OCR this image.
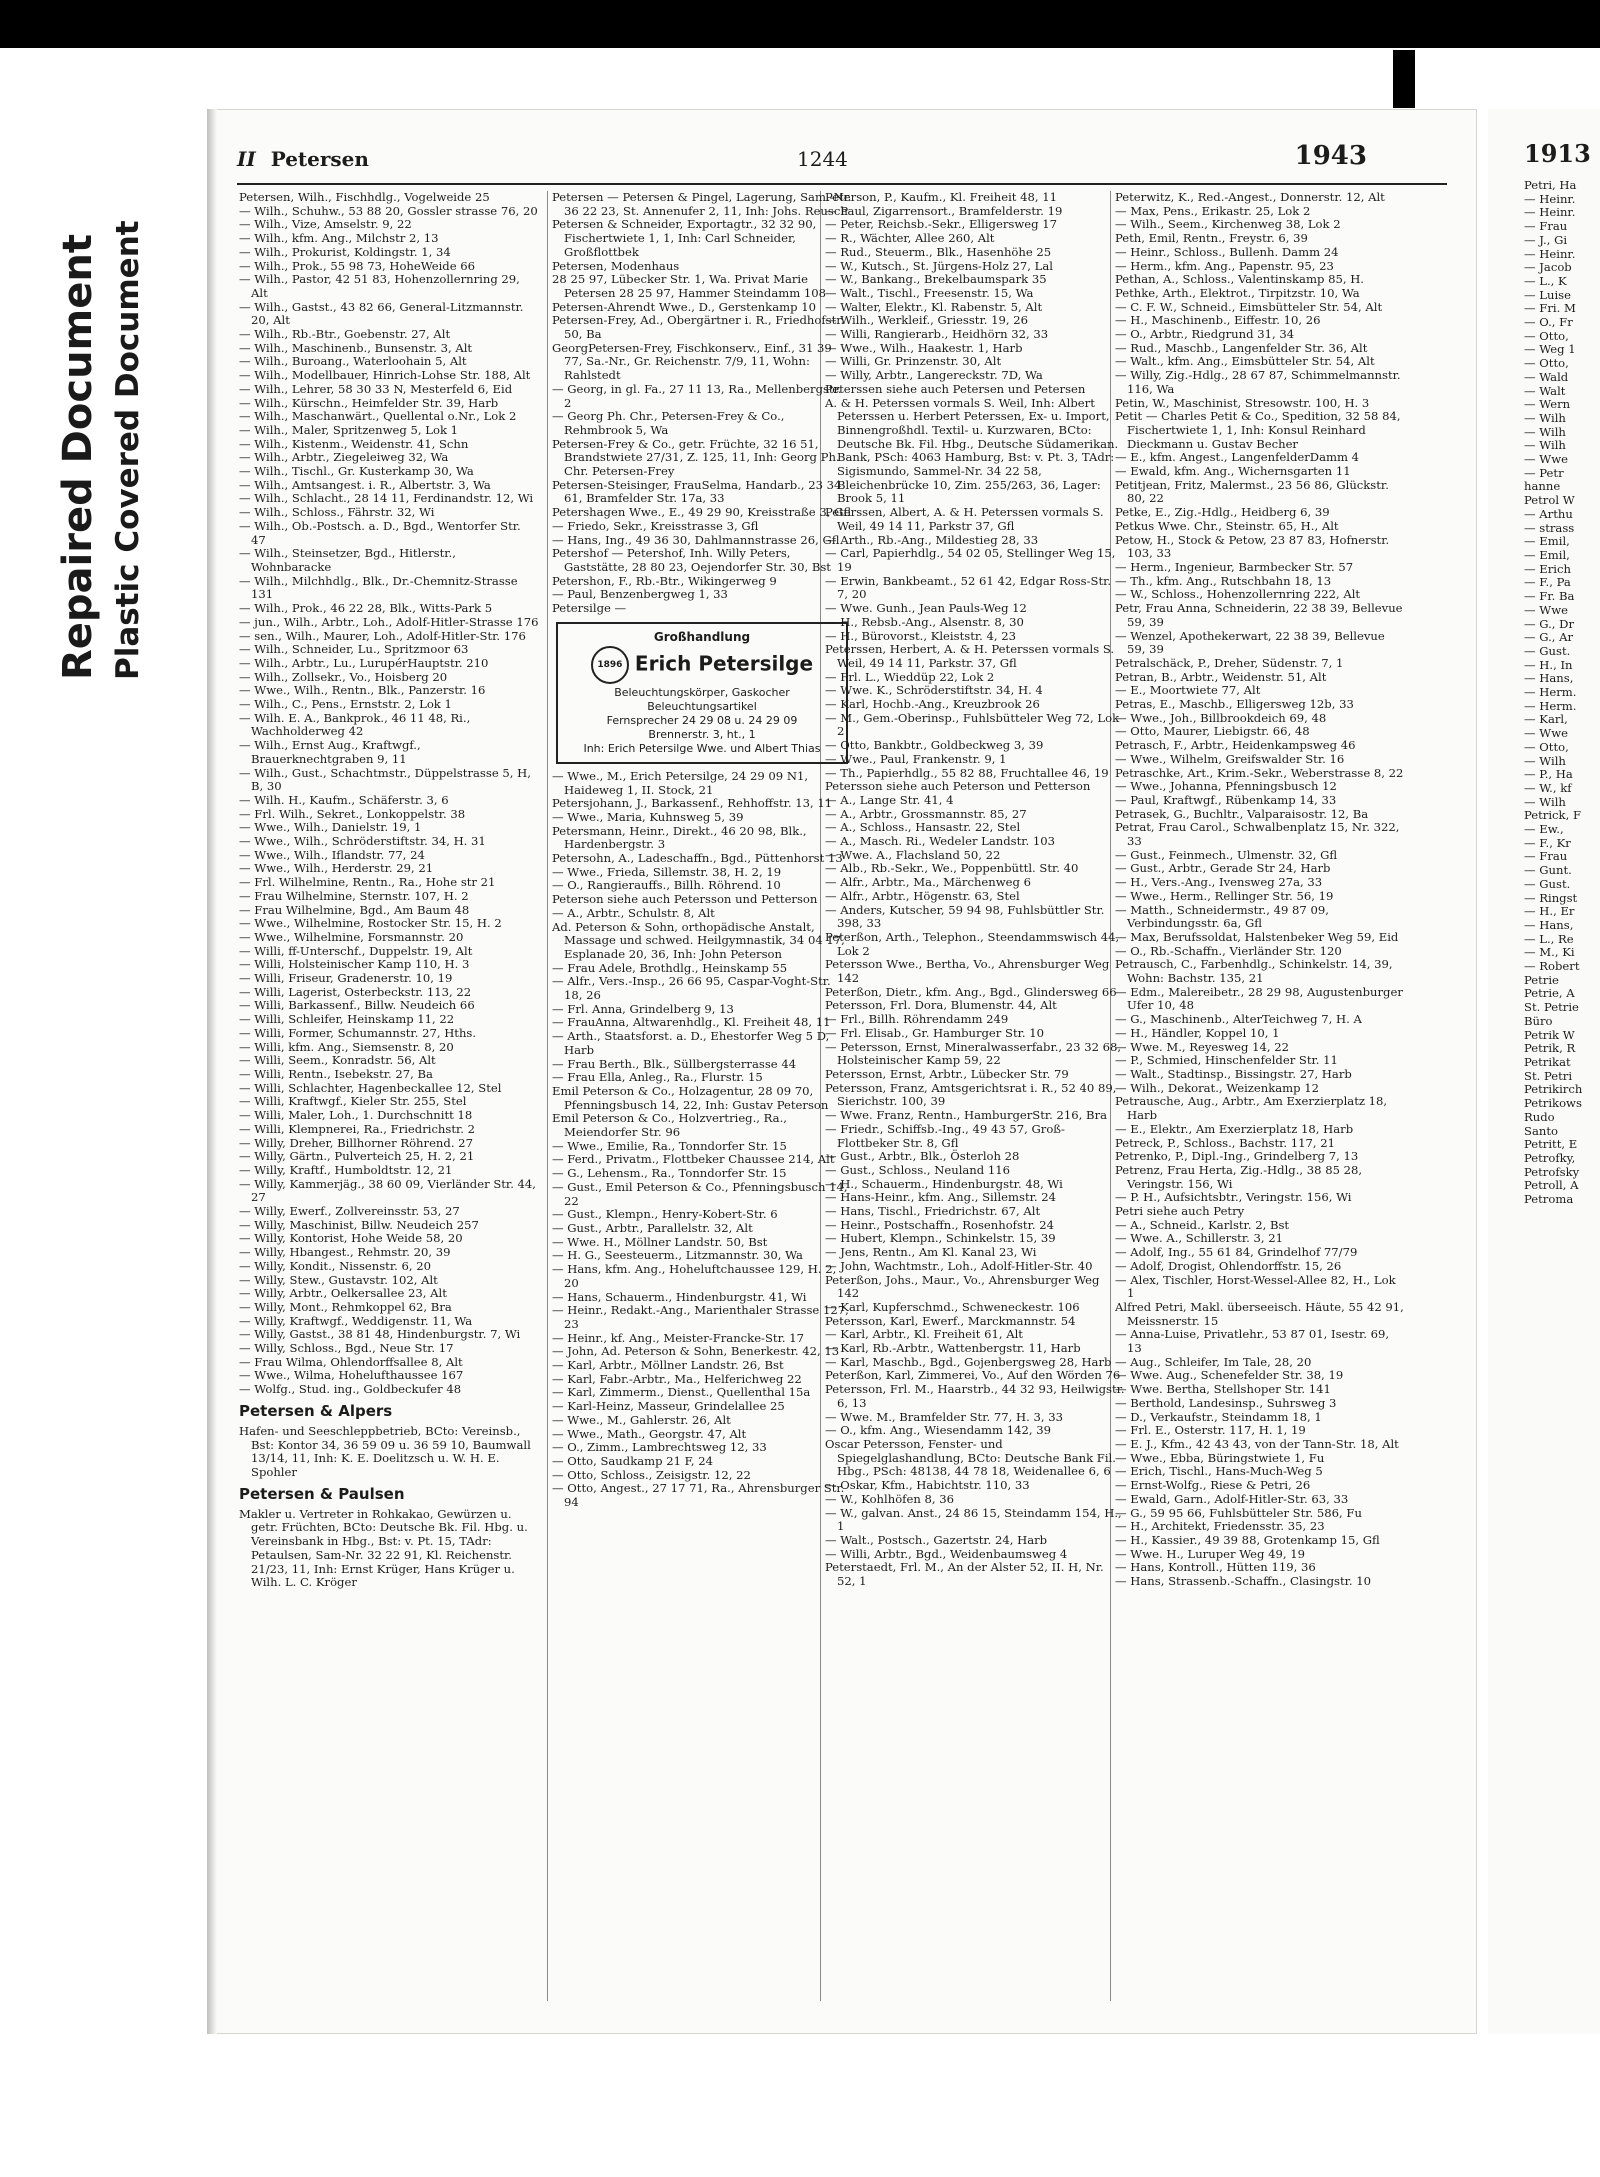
Repaired Document Plastic Covered Document
II Petersen	1244	1943

Petersen, Wilh., Fischhdlg., Vogelweide 25

— Wilh., Schuhw., 53 88 20, Gossler strasse 76, 20

— Wilh., Vize, Amselstr. 9, 22

— Wilh., kfm. Ang., Milchstr 2, 13

— Wilh., Prokurist, Koldingstr. 1, 34

— Wilh., Prok., 55 98 73, HoheWeide 66

— Wilh., Pastor, 42 51 83, Hohenzollernring 29, Alt

— Wilh., Gastst., 43 82 66, General-Litzmannstr. 20, Alt

— Wilh., Rb.-Btr., Goebenstr. 27, Alt

— Wilh., Maschinenb., Bunsenstr. 3, Alt

— Wilh., Buroang., Waterloohain 5, Alt

— Wilh., Modellbauer, Hinrich-Lohse Str. 188, Alt

— Wilh., Lehrer, 58 30 33 N, Mesterfeld 6, Eid

— Wilh., Kürschn., Heimfelder Str. 39, Harb

— Wilh., Maschanwärt., Quellental o.Nr., Lok 2

— Wilh., Maler, Spritzenweg 5, Lok 1

— Wilh., Kistenm., Weidenstr. 41, Schn

— Wilh., Arbtr., Ziegeleiweg 32, Wa

— Wilh., Tischl., Gr. Kusterkamp 30, Wa

— Wilh., Amtsangest. i. R., Albertstr. 3, Wa

— Wilh., Schlacht., 28 14 11, Ferdinandstr. 12, Wi

— Wilh., Schloss., Fährstr. 32, Wi

— Wilh., Ob.-Postsch. a. D., Bgd., Wentorfer Str. 47

— Wilh., Steinsetzer, Bgd., Hitlerstr., Wohnbaracke

— Wilh., Milchhdlg., Blk., Dr.-Chemnitz-Strasse 131

— Wilh., Prok., 46 22 28, Blk., Witts-Park 5

— jun., Wilh., Arbtr., Loh., Adolf-Hitler-Strasse 176

— sen., Wilh., Maurer, Loh., Adolf-Hitler-Str. 176

— Wilh., Schneider, Lu., Spritzmoor 63

— Wilh., Arbtr., Lu., LurupérHauptstr. 210

— Wilh., Zollsekr., Vo., Hoisberg 20

— Wwe., Wilh., Rentn., Blk., Panzerstr. 16

— Wilh., C., Pens., Ernststr. 2, Lok 1

— Wilh. E. A., Bankprok., 46 11 48, Ri., Wachholderweg 42

— Wilh., Ernst Aug., Kraftwgf., Brauerknechtgraben 9, 11

— Wilh., Gust., Schachtmstr., Düppelstrasse 5, H, B, 30

— Wilh. H., Kaufm., Schäferstr. 3, 6

— Frl. Wilh., Sekret., Lonkoppelstr. 38

— Wwe., Wilh., Danielstr. 19, 1

— Wwe., Wilh., Schröderstiftstr. 34, H. 31

— Wwe., Wilh., Iflandstr. 77, 24

— Wwe., Wilh., Herderstr. 29, 21

— Frl. Wilhelmine, Rentn., Ra., Hohe str 21

— Frau Wilhelmine, Sternstr. 107, H. 2

— Frau Wilhelmine, Bgd., Am Baum 48

— Wwe., Wilhelmine, Rostocker Str. 15, H. 2

— Wwe., Wilhelmine, Forsmannstr. 20

— Willi, ff-Unterschf., Duppelstr. 19, Alt

— Willi, Holsteinischer Kamp 110, H. 3

— Willi, Friseur, Gradenerstr. 10, 19

— Willi, Lagerist, Osterbeckstr. 113, 22

— Willi, Barkassenf., Billw. Neudeich 66

— Willi, Schleifer, Heinskamp 11, 22

— Willi, Former, Schumannstr. 27, Hths.

— Willi, kfm. Ang., Siemsenstr. 8, 20

— Willi, Seem., Konradstr. 56, Alt

— Willi, Rentn., Isebekstr. 27, Ba

— Willi, Schlachter, Hagenbeckallee 12, Stel

— Willi, Kraftwgf., Kieler Str. 255, Stel

— Willi, Maler, Loh., 1. Durchschnitt 18

— Willi, Klempnerei, Ra., Friedrichstr. 2

— Willy, Dreher, Billhorner Röhrend. 27

— Willy, Gärtn., Pulverteich 25, H. 2, 21

— Willy, Kraftf., Humboldtstr. 12, 21

— Willy, Kammerjäg., 38 60 09, Vierländer Str. 44, 27

— Willy, Ewerf., Zollvereinsstr. 53, 27

— Willy, Maschinist, Billw. Neudeich 257

— Willy, Kontorist, Hohe Weide 58, 20

— Willy, Hbangest., Rehmstr. 20, 39

— Willy, Kondit., Nissenstr. 6, 20

— Willy, Stew., Gustavstr. 102, Alt

— Willy, Arbtr., Oelkersallee 23, Alt

— Willy, Mont., Rehmkoppel 62, Bra

— Willy, Kraftwgf., Weddigenstr. 11, Wa

— Willy, Gastst., 38 81 48, Hindenburgstr. 7, Wi

— Willy, Schloss., Bgd., Neue Str. 17

— Frau Wilma, Ohlendorffsallee 8, Alt

— Wwe., Wilma, Hohelufthaussee 167

— Wolfg., Stud. ing., Goldbeckufer 48

Petersen & Alpers

Hafen- und Seeschleppbetrieb, BCto: Vereinsb., Bst: Kontor 34, 36 59 09 u. 36 59 10, Baumwall 13/14, 11, Inh: K. E. Doelitzsch u. W. H. E. Spohler

Petersen & Paulsen

Makler u. Vertreter in Rohkakao, Gewürzen u. getr. Früchten, BCto: Deutsche Bk. Fil. Hbg. u. Vereinsbank in Hbg., Bst: v. Pt. 15, TAdr: Petaulsen, Sam-Nr. 32 22 91, Kl. Reichenstr. 21/23, 11, Inh: Ernst Krüger, Hans Krüger u. Wilh. L. C. Kröger

Petersen — Petersen & Pingel, Lagerung, Sam.-Nr. 36 22 23, St. Annenufer 2, 11, Inh: Johs. Reusch

Petersen & Schneider, Exportagtr., 32 32 90, Fischertwiete 1, 1, Inh: Carl Schneider, Großflottbek

Petersen, Modenhaus

28 25 97, Lübecker Str. 1, Wa. Privat Marie Petersen 28 25 97, Hammer Steindamm 108

Petersen-Ahrendt Wwe., D., Gerstenkamp 10

Petersen-Frey, Ad., Obergärtner i. R., Friedhofstr. 50, Ba

GeorgPetersen-Frey, Fischkonserv., Einf., 31 39 77, Sa.-Nr., Gr. Reichenstr. 7/9, 11, Wohn: Rahlstedt

— Georg, in gl. Fa., 27 11 13, Ra., Mellenbergstr. 2

— Georg Ph. Chr., Petersen-Frey & Co., Rehmbrook 5, Wa

Petersen-Frey & Co., getr. Früchte, 32 16 51, Brandstwiete 27/31, Z. 125, 11, Inh: Georg Ph. Chr. Petersen-Frey

Petersen-Steisinger, FrauSelma, Handarb., 23 34 61, Bramfelder Str. 17a, 33

Petershagen Wwe., E., 49 29 90, Kreisstraße 3, Gfl

— Friedo, Sekr., Kreisstrasse 3, Gfl

— Hans, Ing., 49 36 30, Dahlmannstrasse 26, Gfl

Petershof — Petershof, Inh. Willy Peters, Gaststätte, 28 80 23, Oejendorfer Str. 30, Bst

Petershon, F., Rb.-Btr., Wikingerweg 9

— Paul, Benzenbergweg 1, 33

Petersilge —

Großhandlung
1896 Erich Petersilge
Beleuchtungskörper, Gaskocher
Beleuchtungsartikel
Fernsprecher 24 29 08 u. 24 29 09
Brennerstr. 3, ht., 1
Inh: Erich Petersilge Wwe. und Albert Thias

— Wwe., M., Erich Petersilge, 24 29 09 N1, Haideweg 1, II. Stock, 21

Petersjohann, J., Barkassenf., Rehhoffstr. 13, 11

— Wwe., Maria, Kuhnsweg 5, 39

Petersmann, Heinr., Direkt., 46 20 98, Blk., Hardenbergstr. 3

Petersohn, A., Ladeschaffn., Bgd., Püttenhorst 13

— Wwe., Frieda, Sillemstr. 38, H. 2, 19

— O., Rangierauffs., Billh. Röhrend. 10

Peterson siehe auch Petersson und Petterson

— A., Arbtr., Schulstr. 8, Alt

Ad. Peterson & Sohn, orthopädische Anstalt, Massage und schwed. Heilgymnastik, 34 04 17, Esplanade 20, 36, Inh: John Peterson

— Frau Adele, Brothdlg., Heinskamp 55

— Alfr., Vers.-Insp., 26 66 95, Caspar-Voght-Str. 18, 26

— Frl. Anna, Grindelberg 9, 13

— FrauAnna, Altwarenhdlg., Kl. Freiheit 48, 11

— Arth., Staatsforst. a. D., Ehestorfer Weg 5 D, Harb

— Frau Berth., Blk., Süllbergsterrasse 44

— Frau Ella, Anleg., Ra., Flurstr. 15

Emil Peterson & Co., Holzagentur, 28 09 70, Pfenningsbusch 14, 22, Inh: Gustav Peterson

Emil Peterson & Co., Holzvertrieg., Ra., Meiendorfer Str. 96

— Wwe., Emilie, Ra., Tonndorfer Str. 15

— Ferd., Privatm., Flottbeker Chaussee 214, Alt

— G., Lehensm., Ra., Tonndorfer Str. 15

— Gust., Emil Peterson & Co., Pfenningsbusch 14, 22

— Gust., Klempn., Henry-Kobert-Str. 6

— Gust., Arbtr., Parallelstr. 32, Alt

— Wwe. H., Möllner Landstr. 50, Bst

— H. G., Seesteuerm., Litzmannstr. 30, Wa

— Hans, kfm. Ang., Hoheluftchaussee 129, H. 2, 20

— Hans, Schauerm., Hindenburgstr. 41, Wi

— Heinr., Redakt.-Ang., Marienthaler Strasse 127, 23

— Heinr., kf. Ang., Meister-Francke-Str. 17

— John, Ad. Peterson & Sohn, Benerkestr. 42, 13

— Karl, Arbtr., Möllner Landstr. 26, Bst

— Karl, Fabr.-Arbtr., Ma., Helferichweg 22

— Karl, Zimmerm., Dienst., Quellenthal 15a

— Karl-Heinz, Masseur, Grindelallee 25

— Wwe., M., Gahlerstr. 26, Alt

— Wwe., Math., Georgstr. 47, Alt

— O., Zimm., Lambrechtsweg 12, 33

— Otto, Saudkamp 21 F, 24

— Otto, Schloss., Zeisigstr. 12, 22

— Otto, Angest., 27 17 71, Ra., Ahrensburger Str. 94

Peterson, P., Kaufm., Kl. Freiheit 48, 11

— Paul, Zigarrensort., Bramfelderstr. 19

— Peter, Reichsb.-Sekr., Elligersweg 17

— R., Wächter, Allee 260, Alt

— Rud., Steuerm., Blk., Hasenhöhe 25

— W., Kutsch., St. Jürgens-Holz 27, Lal

— W., Bankang., Brekelbaumspark 35

— Walt., Tischl., Freesenstr. 15, Wa

— Walter, Elektr., Kl. Rabenstr. 5, Alt

— Wilh., Werkleif., Griesstr. 19, 26

— Willi, Rangierarb., Heidhörn 32, 33

— Wwe., Wilh., Haakestr. 1, Harb

— Willi, Gr. Prinzenstr. 30, Alt

— Willy, Arbtr., Langereckstr. 7D, Wa

Peterssen siehe auch Petersen und Petersen

A. & H. Peterssen vormals S. Weil, Inh: Albert Peterssen u. Herbert Peterssen, Ex- u. Import, Binnengroßhdl. Textil- u. Kurzwaren, BCto: Deutsche Bk. Fil. Hbg., Deutsche Südamerikan. Bank, PSch: 4063 Hamburg, Bst: v. Pt. 3, TAdr: Sigismundo, Sammel-Nr. 34 22 58, Bleichenbrücke 10, Zim. 255/263, 36, Lager: Brook 5, 11

Peterssen, Albert, A. & H. Peterssen vormals S. Weil, 49 14 11, Parkstr 37, Gfl

— Arth., Rb.-Ang., Mildestieg 28, 33

— Carl, Papierhdlg., 54 02 05, Stellinger Weg 15, 19

— Erwin, Bankbeamt., 52 61 42, Edgar Ross-Str. 7, 20

— Wwe. Gunh., Jean Pauls-Weg 12

— H., Rebsb.-Ang., Alsenstr. 8, 30

— H., Bürovorst., Kleiststr. 4, 23

Peterssen, Herbert, A. & H. Peterssen vormals S. Weil, 49 14 11, Parkstr. 37, Gfl

— Frl. L., Wieddüp 22, Lok 2

— Wwe. K., Schröderstiftstr. 34, H. 4

— Karl, Hochb.-Ang., Kreuzbrook 26

— M., Gem.-Oberinsp., Fuhlsbütteler Weg 72, Lok 2

— Otto, Bankbtr., Goldbeckweg 3, 39

— Wwe., Paul, Frankenstr. 9, 1

— Th., Papierhdlg., 55 82 88, Fruchtallee 46, 19

Petersson siehe auch Peterson und Petterson

— A., Lange Str. 41, 4

— A., Arbtr., Grossmannstr. 85, 27

— A., Schloss., Hansastr. 22, Stel

— A., Masch. Ri., Wedeler Landstr. 103

— Wwe. A., Flachsland 50, 22

— Alb., Rb.-Sekr., We., Poppenbüttl. Str. 40

— Alfr., Arbtr., Ma., Märchenweg 6

— Alfr., Arbtr., Högenstr. 63, Stel

— Anders, Kutscher, 59 94 98, Fuhlsbüttler Str. 398, 33

Peterßon, Arth., Telephon., Steendammswisch 44, Lok 2

Petersson Wwe., Bertha, Vo., Ahrensburger Weg 142

Peterßon, Dietr., kfm. Ang., Bgd., Glindersweg 66

Petersson, Frl. Dora, Blumenstr. 44, Alt

— Frl., Billh. Röhrendamm 249

— Frl. Elisab., Gr. Hamburger Str. 10

— Petersson, Ernst, Mineralwasserfabr., 23 32 68, Holsteinischer Kamp 59, 22

Petersson, Ernst, Arbtr., Lübecker Str. 79

Petersson, Franz, Amtsgerichtsrat i. R., 52 40 89, Sierichstr. 100, 39

— Wwe. Franz, Rentn., HamburgerStr. 216, Bra

— Friedr., Schiffsb.-Ing., 49 43 57, Groß-Flottbeker Str. 8, Gfl

— Gust., Arbtr., Blk., Österloh 28

— Gust., Schloss., Neuland 116

— H., Schauerm., Hindenburgstr. 48, Wi

— Hans-Heinr., kfm. Ang., Sillemstr. 24

— Hans, Tischl., Friedrichstr. 67, Alt

— Heinr., Postschaffn., Rosenhofstr. 24

— Hubert, Klempn., Schinkelstr. 15, 39

— Jens, Rentn., Am Kl. Kanal 23, Wi

— John, Wachtmstr., Loh., Adolf-Hitler-Str. 40

Peterßon, Johs., Maur., Vo., Ahrensburger Weg 142

— Karl, Kupferschmd., Schweneckestr. 106

Petersson, Karl, Ewerf., Marckmannstr. 54

— Karl, Arbtr., Kl. Freiheit 61, Alt

— Karl, Rb.-Arbtr., Wattenbergstr. 11, Harb

— Karl, Maschb., Bgd., Gojenbergsweg 28, Harb

Peterßon, Karl, Zimmerei, Vo., Auf den Wörden 76

Petersson, Frl. M., Haarstrb., 44 32 93, Heilwigstr. 6, 13

— Wwe. M., Bramfelder Str. 77, H. 3, 33

— O., kfm. Ang., Wiesendamm 142, 39

Oscar Petersson, Fenster- und Spiegelglashandlung, BCto: Deutsche Bank Fil. Hbg., PSch: 48138, 44 78 18, Weidenallee 6, 6

— Oskar, Kfm., Habichtstr. 110, 33

— W., Kohlhöfen 8, 36

— W., galvan. Anst., 24 86 15, Steindamm 154, H., 1

— Walt., Postsch., Gazertstr. 24, Harb

— Willi, Arbtr., Bgd., Weidenbaumsweg 4

Peterstaedt, Frl. M., An der Alster 52, II. H, Nr. 52, 1

Peterwitz, K., Red.-Angest., Donnerstr. 12, Alt

— Max, Pens., Erikastr. 25, Lok 2

— Wilh., Seem., Kirchenweg 38, Lok 2

Peth, Emil, Rentn., Freystr. 6, 39

— Heinr., Schloss., Bullenh. Damm 24

— Herm., kfm. Ang., Papenstr. 95, 23

Pethan, A., Schloss., Valentinskamp 85, H.

Pethke, Arth., Elektrot., Tirpitzstr. 10, Wa

— C. F. W., Schneid., Eimsbütteler Str. 54, Alt

— H., Maschinenb., Eiffestr. 10, 26

— O., Arbtr., Riedgrund 31, 34

— Rud., Maschb., Langenfelder Str. 36, Alt

— Walt., kfm. Ang., Eimsbütteler Str. 54, Alt

— Willy, Zig.-Hdlg., 28 67 87, Schimmelmannstr. 116, Wa

Petin, W., Maschinist, Stresowstr. 100, H. 3

Petit — Charles Petit & Co., Spedition, 32 58 84, Fischertwiete 1, 1, Inh: Konsul Reinhard Dieckmann u. Gustav Becher

— E., kfm. Angest., LangenfelderDamm 4

— Ewald, kfm. Ang., Wichernsgarten 11

Petitjean, Fritz, Malermst., 23 56 86, Glückstr. 80, 22

Petke, E., Zig.-Hdlg., Heidberg 6, 39

Petkus Wwe. Chr., Steinstr. 65, H., Alt

Petow, H., Stock & Petow, 23 87 83, Hofnerstr. 103, 33

— Herm., Ingenieur, Barmbecker Str. 57

— Th., kfm. Ang., Rutschbahn 18, 13

— W., Schloss., Hohenzollernring 222, Alt

Petr, Frau Anna, Schneiderin, 22 38 39, Bellevue 59, 39

— Wenzel, Apothekerwart, 22 38 39, Bellevue 59, 39

Petralschäck, P., Dreher, Südenstr. 7, 1

Petran, B., Arbtr., Weidenstr. 51, Alt

— E., Moortwiete 77, Alt

Petras, E., Maschb., Elligersweg 12b, 33

— Wwe., Joh., Billbrookdeich 69, 48

— Otto, Maurer, Liebigstr. 66, 48

Petrasch, F., Arbtr., Heidenkampsweg 46

— Wwe., Wilhelm, Greifswalder Str. 16

Petraschke, Art., Krim.-Sekr., Weberstrasse 8, 22

— Wwe., Johanna, Pfenningsbusch 12

— Paul, Kraftwgf., Rübenkamp 14, 33

Petrasek, G., Buchltr., Valparaisostr. 12, Ba

Petrat, Frau Carol., Schwalbenplatz 15, Nr. 322, 33

— Gust., Feinmech., Ulmenstr. 32, Gfl

— Gust., Arbtr., Gerade Str 24, Harb

— H., Vers.-Ang., Ivensweg 27a, 33

— Wwe., Herm., Rellinger Str. 56, 19

— Matth., Schneidermstr., 49 87 09, Verbindungsstr. 6a, Gfl

— Max, Berufssoldat, Halstenbeker Weg 59, Eid

— O., Rb.-Schaffn., Vierländer Str. 120

Petrausch, C., Farbenhdlg., Schinkelstr. 14, 39, Wohn: Bachstr. 135, 21

— Edm., Malereibetr., 28 29 98, Augustenburger Ufer 10, 48

— G., Maschinenb., AlterTeichweg 7, H. A

— H., Händler, Koppel 10, 1

— Wwe. M., Reyesweg 14, 22

— P., Schmied, Hinschenfelder Str. 11

— Walt., Stadtinsp., Bissingstr. 27, Harb

— Wilh., Dekorat., Weizenkamp 12

Petrausche, Aug., Arbtr., Am Exerzierplatz 18, Harb

— E., Elektr., Am Exerzierplatz 18, Harb

Petreck, P., Schloss., Bachstr. 117, 21

Petrenko, P., Dipl.-Ing., Grindelberg 7, 13

Petrenz, Frau Herta, Zig.-Hdlg., 38 85 28, Veringstr. 156, Wi

— P. H., Aufsichtsbtr., Veringstr. 156, Wi

Petri siehe auch Petry

— A., Schneid., Karlstr. 2, Bst

— Wwe. A., Schillerstr. 3, 21

— Adolf, Ing., 55 61 84, Grindelhof 77/79

— Adolf, Drogist, Ohlendorffstr. 15, 26

— Alex, Tischler, Horst-Wessel-Allee 82, H., Lok 1

Alfred Petri, Makl. überseeisch. Häute, 55 42 91, Meissnerstr. 15

— Anna-Luise, Privatlehr., 53 87 01, Isestr. 69, 13

— Aug., Schleifer, Im Tale, 28, 20

— Wwe. Aug., Schenefelder Str. 38, 19

— Wwe. Bertha, Stellshoper Str. 141

— Berthold, Landesinsp., Suhrsweg 3

— D., Verkaufstr., Steindamm 18, 1

— Frl. E., Osterstr. 117, H. 1, 19

— E. J., Kfm., 42 43 43, von der Tann-Str. 18, Alt

— Wwe., Ebba, Büringstwiete 1, Fu

— Erich, Tischl., Hans-Much-Weg 5

— Ernst-Wolfg., Riese & Petri, 26

— Ewald, Garn., Adolf-Hitler-Str. 63, 33

— G., 59 95 66, Fuhlsbütteler Str. 586, Fu

— H., Architekt, Friedensstr. 35, 23

— H., Kassier., 49 39 88, Grotenkamp 15, Gfl

— Wwe. H., Luruper Weg 49, 19

— Hans, Kontroll., Hütten 119, 36

— Hans, Strassenb.-Schaffn., Clasingstr. 10

1913
Petri, Ha
— Heinr.
— Heinr.
— Frau
— J., Gi
— Heinr.
— Jacob
— L., K
— Luise
— Fri. M
— O., Fr
— Otto,
— Weg 1
— Otto,
— Wald
— Walt
— Wern
— Wilh
— Wilh
— Wilh
— Wwe
— Petr
hanne
Petrol W
— Arthu
— strass
— Emil,
— Emil,
— Erich
— F., Pa
— Fr. Ba
— Wwe
— G., Dr
— G., Ar
— Gust.
— H., In
— Hans,
— Herm.
— Herm.
— Karl,
— Wwe
— Otto,
— Wilh
— P., Ha
— W., kf
— Wilh
Petrick, F
— Ew.,
— F., Kr
— Frau
— Gunt.
— Gust.
— Ringst
— H., Er
— Hans,
— L., Re
— M., Ki
— Robert
Petrie
Petrie, A
St. Petrie
Büro
Petrik W
Petrik, R
Petrikat
St. Petri
Petrikirch
Petrikows
Rudo
Santo
Petritt, E
Petrofky,
Petrofsky
Petroll, A
Petroma
